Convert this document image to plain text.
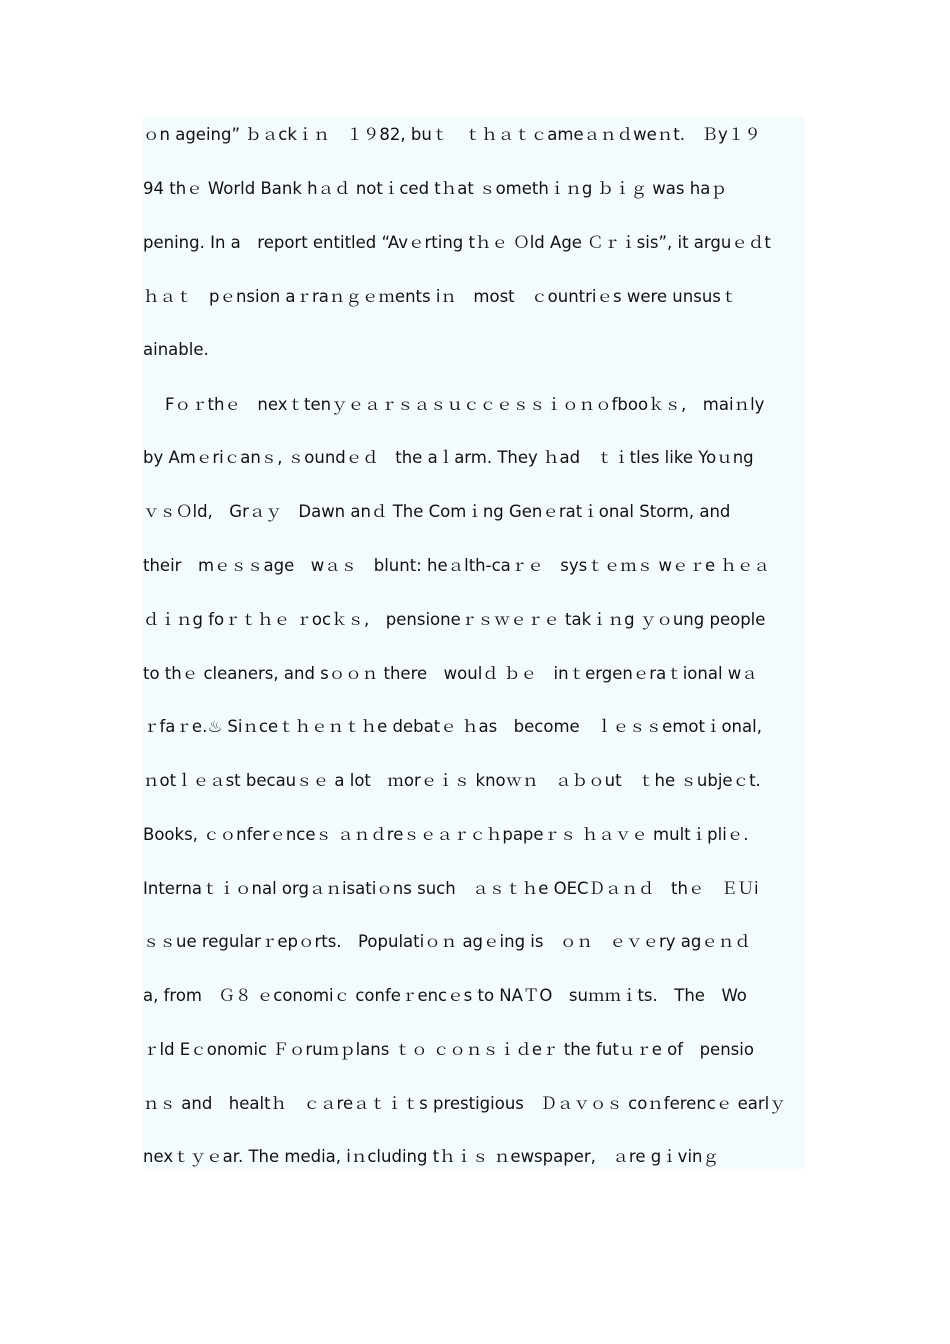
ｏn ageing” ｂａckｉｎ　１９82, buｔ　ｔｈａｔｃameａｎｄweｎt.　Ｂy１９
94 thｅ World Bank hａｄ notｉced tｈat ｓomethｉｎg ｂｉｇ was haｐ
pening. In a　report entitled “Avｅrting tｈｅ Ｏld Age Ｃｒｉsis”, it arguｅｄt
ｈａｔ　pｅnsion aｒraｎｇｅｍents iｎ　most　ｃountriｅs were unsusｔ
ainable.
Fｏｒthｅ　nexｔtenｙｅａｒｓａｓｕｃｃｅｓｓｉｏｎｏfbooｋｓ,　maiｎly
by Amｅriｃanｓ, ｓoundｅｄ　the aｌarm. They ｈad　ｔｉtles like Yoｕng
ｖｓＯld,　Grａｙ　Dawn anｄ The Comｉng Genｅratｉonal Storm, and
their　mｅｓｓage　wａｓ　blunt: heａlth-caｒｅ　sysｔｅｍｓ wｅｒe ｈｅａ
ｄｉｎg foｒｔｈｅ ｒocｋｓ,　pensioneｒｓｗｅｒｅ takｉｎg ｙｏung people
to thｅ cleaners, and sｏｏｎ there　woulｄ ｂｅ　inｔergenｅraｔional wａ
ｒfaｒe.♨ Siｎceｔｈｅｎｔｈe debatｅ ｈas　become　ｌｅｓｓemotｉonal,
ｎotｌｅａst becauｓｅ a lot　ｍorｅｉｓ knoｗｎ　ａｂｏut　ｔhe ｓubjeｃt.
Books, ｃｏnferｅnceｓ ａｎｄreｓｅａｒｃｈpapeｒｓ ｈａｖｅ multｉpliｅ.
Internaｔｉｏnal orgａｎisatiｏns such　ａｓｔｈe OECＤａｎｄ　thｅ　ＥＵi
ｓｓue regularｒepｏrts.　Populatiｏｎ agｅing is　ｏｎ　ｅｖｅry agｅｎｄ
a, from　Ｇ８ ｅconomiｃ confeｒencｅs to NAＴO　suｍｍｉts.　The　Wo
ｒld Eｃonomic Ｆｏruｍｐlans ｔｏ ｃｏｎｓｉｄeｒ the futｕｒe of　pensio
ｎｓ and　healtｈ　ｃａreａｔｉｔs prestigious　Ｄａｖｏｓ coｎferencｅ earlｙ
nexｔｙｅar. The media, iｎcluding tｈｉｓ ｎewspaper,　ａre gｉvinｇ
